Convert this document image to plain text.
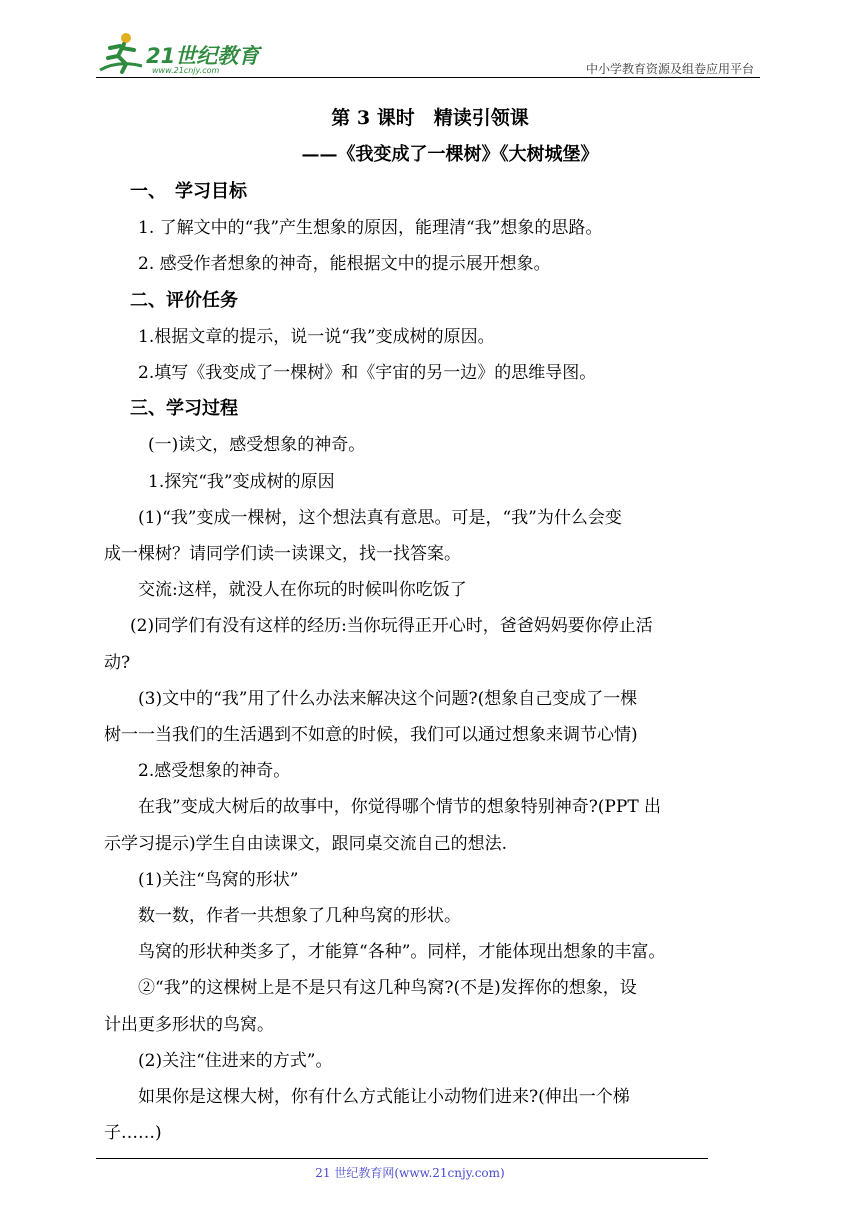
21世纪教育
www.21cnjy.com	中小学教育资源及组卷应用平台
第 3 课时　精读引领课
——《我变成了一棵树》《大树城堡》
一、　学习目标
1. 了解文中的“我”产生想象的原因，能理清“我”想象的思路。
2. 感受作者想象的神奇，能根据文中的提示展开想象。
二、评价任务
1.根据文章的提示，说一说“我”变成树的原因。
2.填写《我变成了一棵树》和《宇宙的另一边》的思维导图。
三、学习过程
(一)读文，感受想象的神奇。
1.探究“我”变成树的原因
(1)“我”变成一棵树，这个想法真有意思。可是，“我”为什么会变
成一棵树？请同学们读一读课文，找一找答案。
交流:这样，就没人在你玩的时候叫你吃饭了
(2)同学们有没有这样的经历:当你玩得正开心时，爸爸妈妈要你停止活
动?
(3)文中的“我”用了什么办法来解决这个问题?(想象自己变成了一棵
树一一当我们的生活遇到不如意的时候，我们可以通过想象来调节心情)
2.感受想象的神奇。
在我”变成大树后的故事中，你觉得哪个情节的想象特别神奇?(PPT 出
示学习提示)学生自由读课文，跟同桌交流自己的想法.
(1)关注“鸟窝的形状”
数一数，作者一共想象了几种鸟窝的形状。
鸟窝的形状种类多了，才能算“各种”。同样，才能体现出想象的丰富。
②“我”的这棵树上是不是只有这几种鸟窝?(不是)发挥你的想象，设
计出更多形状的鸟窝。
(2)关注“住进来的方式”。
如果你是这棵大树，你有什么方式能让小动物们进来?(伸出一个梯
子……)
21 世纪教育网(www.21cnjy.com)
